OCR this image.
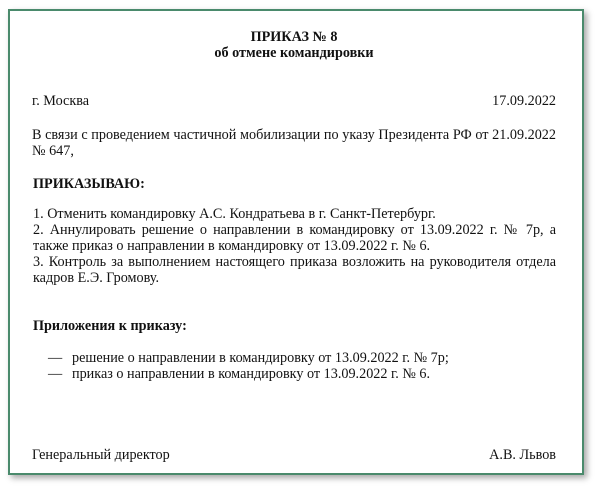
ПРИКАЗ № 8
об отмене командировки
г. Москва	17.09.2022
В связи с проведением частичной мобилизации по указу Президента РФ от 21.09.2022 № 647,
ПРИКАЗЫВАЮ:
1. Отменить командировку А.С. Кондратьева в г. Санкт-Петербург.
2. Аннулировать решение о направлении в командировку от 13.09.2022 г. № 7р, а также приказ о направлении в командировку от 13.09.2022 г. № 6.
3. Контроль за выполнением настоящего приказа возложить на руководителя отдела кадров Е.Э. Громову.
Приложения к приказу:
— решение о направлении в командировку от 13.09.2022 г. № 7р;
— приказ о направлении в командировку от 13.09.2022 г. № 6.
Генеральный директор	А.В. Львов
